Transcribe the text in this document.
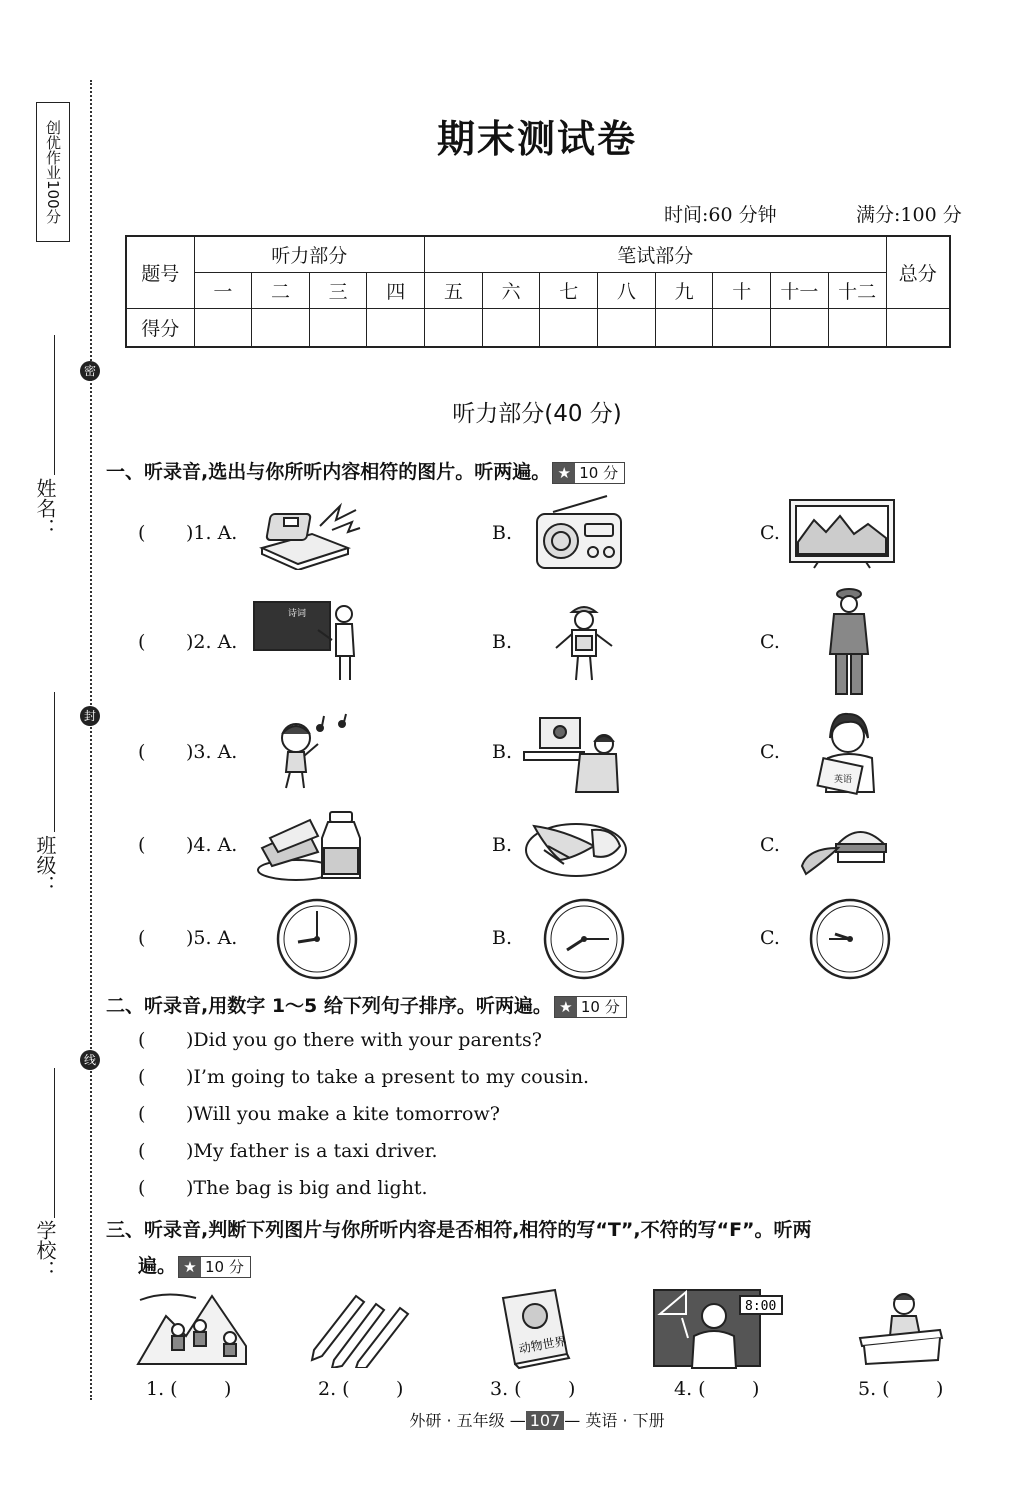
创优作业100分
密
封
线
姓名：
班级：
学校：
期末测试卷
时间:60 分钟	满分:100 分
题号	听力部分				笔试部分								总分
	一	二	三	四	五	六	七	八	九	十	十一	十二	
得分													
听力部分(40 分)
一、听录音,选出与你所听内容相符的图片。听两遍。 ★ 10 分
( )1. A.	B.	C.
( )2. A.	B.	C.
( )3. A.	B.	C.
( )4. A.	B.	C.
( )5. A.	B.	C.
诗词
英语
二、听录音,用数字 1～5 给下列句子排序。听两遍。 ★ 10 分
( )Did you go there with your parents?
( )I’m going to take a present to my cousin.
( )Will you make a kite tomorrow?
( )My father is a taxi driver.
( )The bag is big and light.
三、听录音,判断下列图片与你所听内容是否相符,相符的写“T”,不符的写“F”。听两
遍。 ★ 10 分
动物世界
8:00
1. ( )	2. ( )	3. ( )	4. ( )	5. ( )
外研 · 五年级 — 107 — 英语 · 下册
